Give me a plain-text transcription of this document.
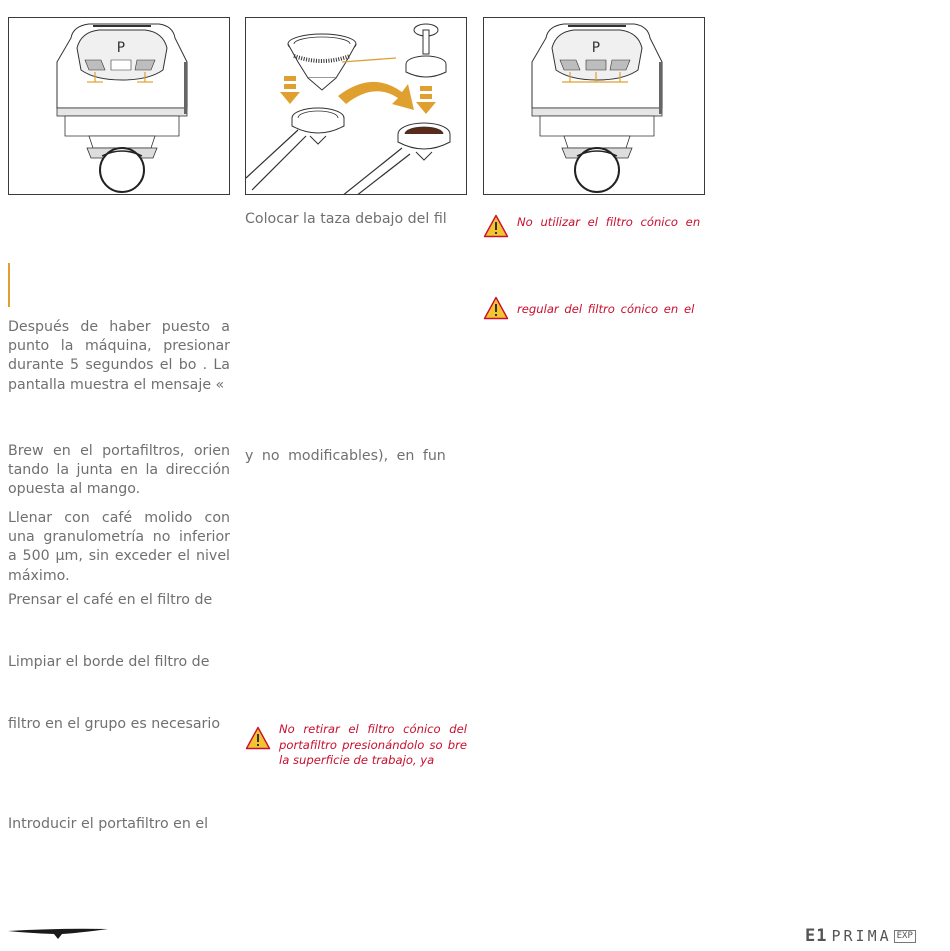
P	P
Después de haber puesto a punto la máquina, presionar durante 5 segundos el bo . La pantalla muestra el mensaje «
Brew en el portafiltros, orien tando la junta en la dirección opuesta al mango.
Llenar con café molido con una granulometría no inferior a 500 µm, sin exceder el nivel máximo.
Prensar el café en el filtro de
Limpiar el borde del filtro de
filtro en el grupo es necesario
Introducir el portafiltro en el
Colocar la taza debajo del fil
y no modificables), en fun
No retirar el filtro cónico del portafiltro presionándolo so bre la superficie de trabajo, ya
No utilizar el filtro cónico en
regular del filtro cónico en el
E1 PRIMA EXP
